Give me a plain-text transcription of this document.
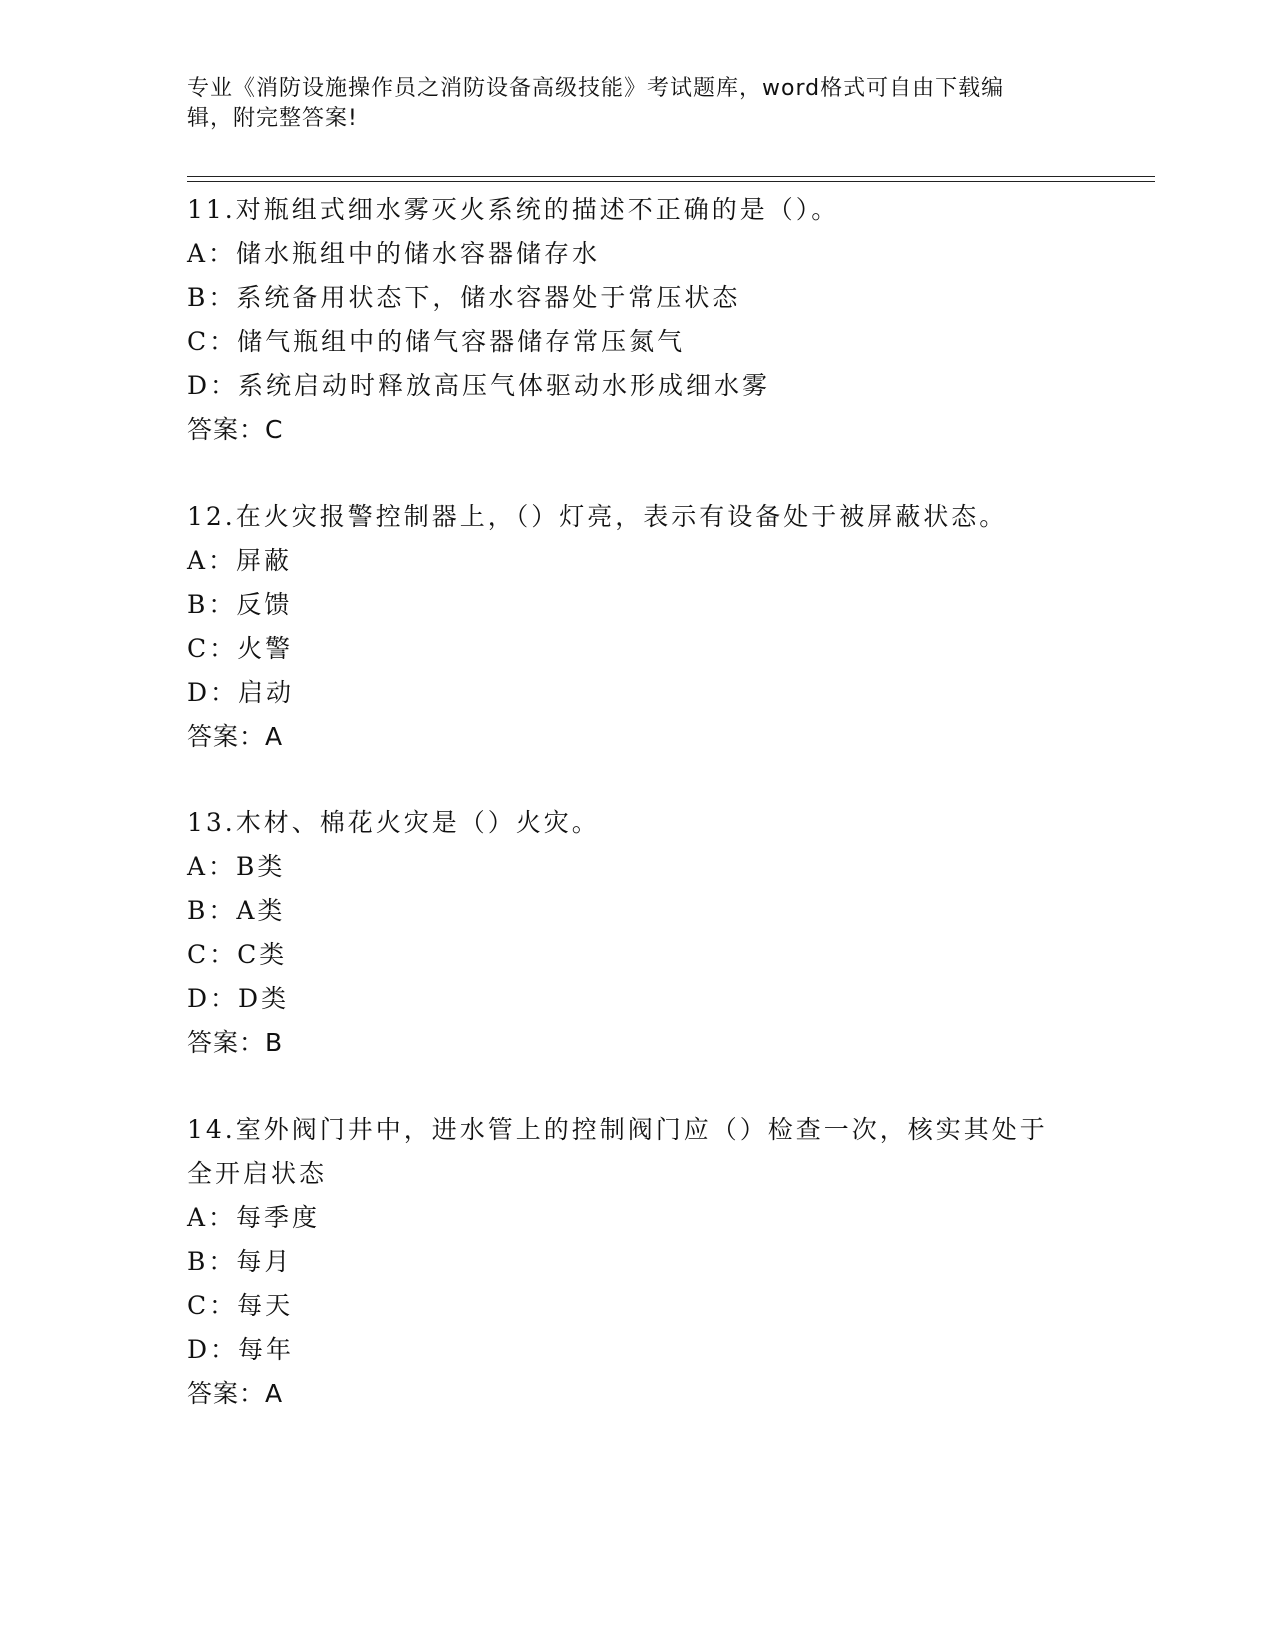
专业《消防设施操作员之消防设备高级技能》考试题库，word格式可自由下载编
辑，附完整答案!
11.对瓶组式细水雾灭火系统的描述不正确的是（）。
A：储水瓶组中的储水容器储存水
B：系统备用状态下，储水容器处于常压状态
C：储气瓶组中的储气容器储存常压氮气
D：系统启动时释放高压气体驱动水形成细水雾
答案：C
12.在火灾报警控制器上，（）灯亮，表示有设备处于被屏蔽状态。
A：屏蔽
B：反馈
C：火警
D：启动
答案：A
13.木材、棉花火灾是（）火灾。
A：B类
B：A类
C：C类
D：D类
答案：B
14.室外阀门井中，进水管上的控制阀门应（）检查一次，核实其处于
全开启状态
A：每季度
B：每月
C：每天
D：每年
答案：A
